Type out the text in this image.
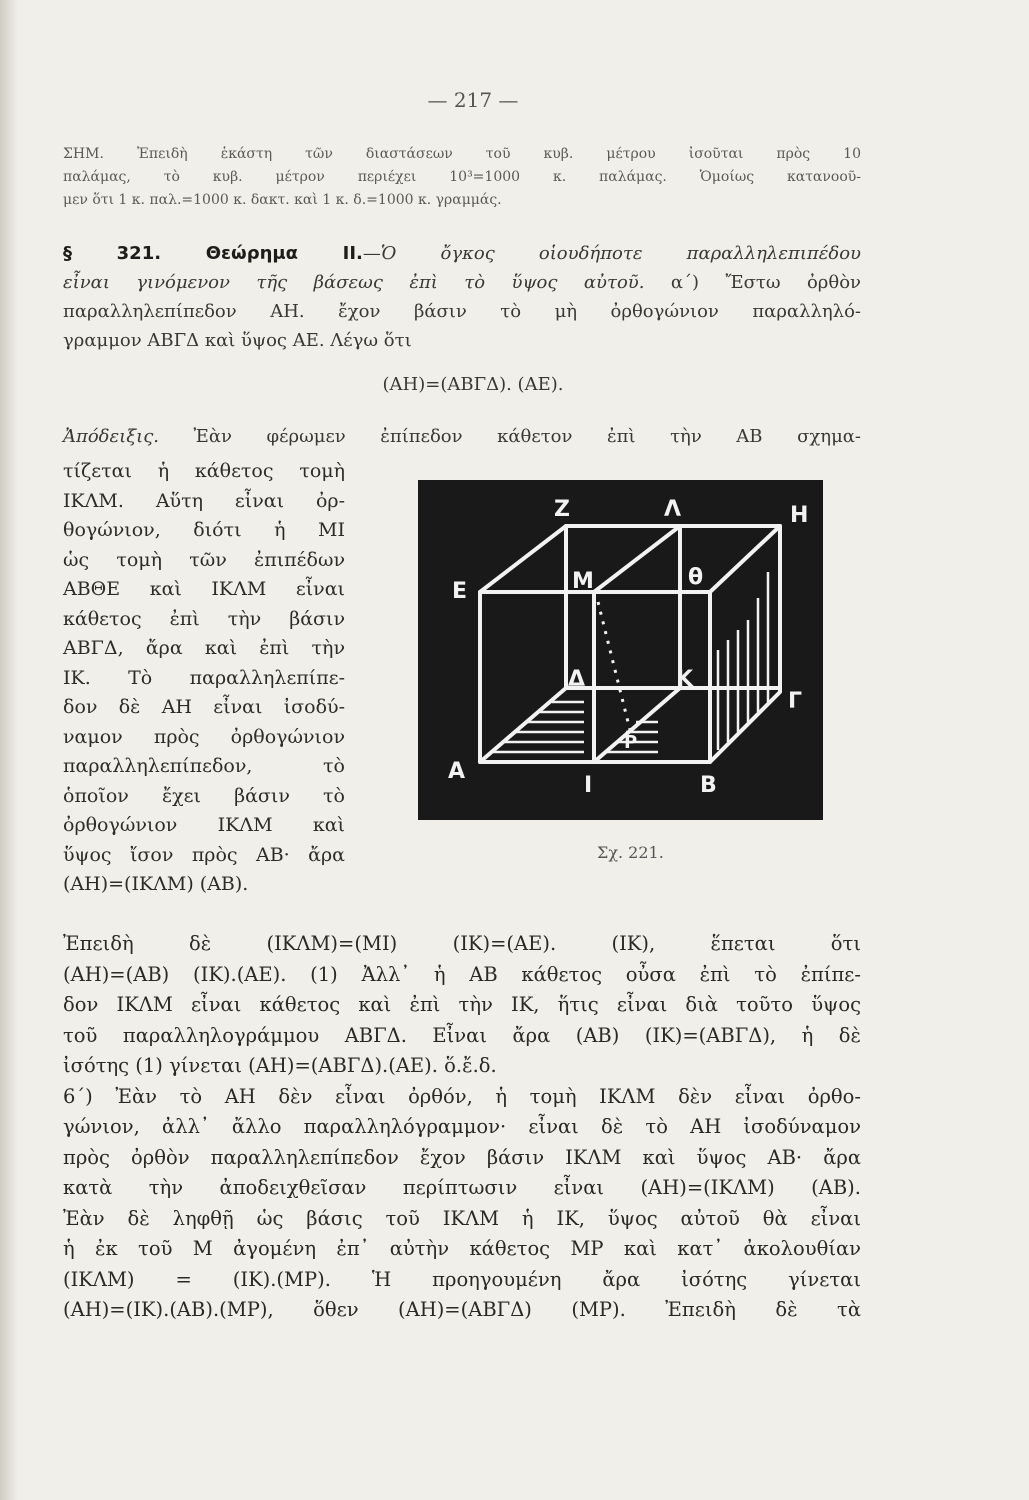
— 217 —
ΣΗΜ. Ἐπειδὴ ἑκάστη τῶν διαστάσεων τοῦ κυβ. μέτρου ἰσοῦται πρὸς 10
παλάμας, τὸ κυβ. μέτρον περιέχει 10³=1000 κ. παλάμας. Ὁμοίως κατανοοῦ-
μεν ὅτι 1 κ. παλ.=1000 κ. δακτ. καὶ 1 κ. δ.=1000 κ. γραμμάς.
§ 321. Θεώρημα ΙΙ.—Ὁ ὄγκος οἱουδήποτε παραλληλεπιπέδου
εἶναι γινόμενον τῆς βάσεως ἐπὶ τὸ ὕψος αὐτοῦ. α΄) Ἔστω ὀρθὸν
παραλληλεπίπεδον ΑΗ. ἔχον βάσιν τὸ μὴ ὀρθογώνιον παραλληλό-
γραμμον ΑΒΓΔ καὶ ὕψος ΑΕ. Λέγω ὅτι
(ΑΗ)=(ΑΒΓΔ). (ΑΕ).
Ἀπόδειξις. Ἐὰν φέρωμεν ἐπίπεδον κάθετον ἐπὶ τὴν ΑΒ σχημα-
τίζεται ἡ κάθετος τομὴ
ΙΚΛΜ. Αὕτη εἶναι ὀρ-
θογώνιον, διότι ἡ ΜΙ
ὡς τομὴ τῶν ἐπιπέδων
ΑΒΘΕ καὶ ΙΚΛΜ εἶναι
κάθετος ἐπὶ τὴν βάσιν
ΑΒΓΔ, ἄρα καὶ ἐπὶ τὴν
ΙΚ. Τὸ παραλληλεπίπε-
δον δὲ ΑΗ εἶναι ἰσοδύ-
ναμον πρὸς ὀρθογώνιον
παραλληλεπίπεδον, τὸ
ὁποῖον ἔχει βάσιν τὸ
ὀρθογώνιον ΙΚΛΜ καὶ
ὕψος ἴσον πρὸς ΑΒ· ἄρα
(ΑΗ)=(ΙΚΛΜ) (ΑΒ).
Z	Λ	H
E	M	θ
Δ	K
Γ
A
I	B
P
Σχ. 221.
Ἐπειδὴ δὲ (ΙΚΛΜ)=(ΜΙ) (ΙΚ)=(ΑΕ). (ΙΚ), ἕπεται ὅτι
(ΑΗ)=(ΑΒ) (ΙΚ).(ΑΕ). (1) Ἀλλ᾽ ἡ ΑΒ κάθετος οὖσα ἐπὶ τὸ ἐπίπε-
δον ΙΚΛΜ εἶναι κάθετος καὶ ἐπὶ τὴν ΙΚ, ἥτις εἶναι διὰ τοῦτο ὕψος
τοῦ παραλληλογράμμου ΑΒΓΔ. Εἶναι ἄρα (ΑΒ) (ΙΚ)=(ΑΒΓΔ), ἡ δὲ
ἰσότης (1) γίνεται (ΑΗ)=(ΑΒΓΔ).(ΑΕ). ὅ.ἔ.δ.
6΄) Ἐὰν τὸ ΑΗ δὲν εἶναι ὀρθόν, ἡ τομὴ ΙΚΛΜ δὲν εἶναι ὀρθο-
γώνιον, ἀλλ᾽ ἄλλο παραλληλόγραμμον· εἶναι δὲ τὸ ΑΗ ἰσοδύναμον
πρὸς ὀρθὸν παραλληλεπίπεδον ἔχον βάσιν ΙΚΛΜ καὶ ὕψος ΑΒ· ἄρα
κατὰ τὴν ἀποδειχθεῖσαν περίπτωσιν εἶναι (ΑΗ)=(ΙΚΛΜ) (ΑΒ).
Ἐὰν δὲ ληφθῇ ὡς βάσις τοῦ ΙΚΛΜ ἡ ΙΚ, ὕψος αὐτοῦ θὰ εἶναι
ἡ ἐκ τοῦ Μ ἀγομένη ἐπ᾽ αὐτὴν κάθετος ΜΡ καὶ κατ᾽ ἀκολουθίαν
(ΙΚΛΜ) = (ΙΚ).(ΜΡ). Ἡ προηγουμένη ἄρα ἰσότης γίνεται
(ΑΗ)=(ΙΚ).(ΑΒ).(ΜΡ), ὅθεν (ΑΗ)=(ΑΒΓΔ) (ΜΡ). Ἐπειδὴ δὲ τὰ
